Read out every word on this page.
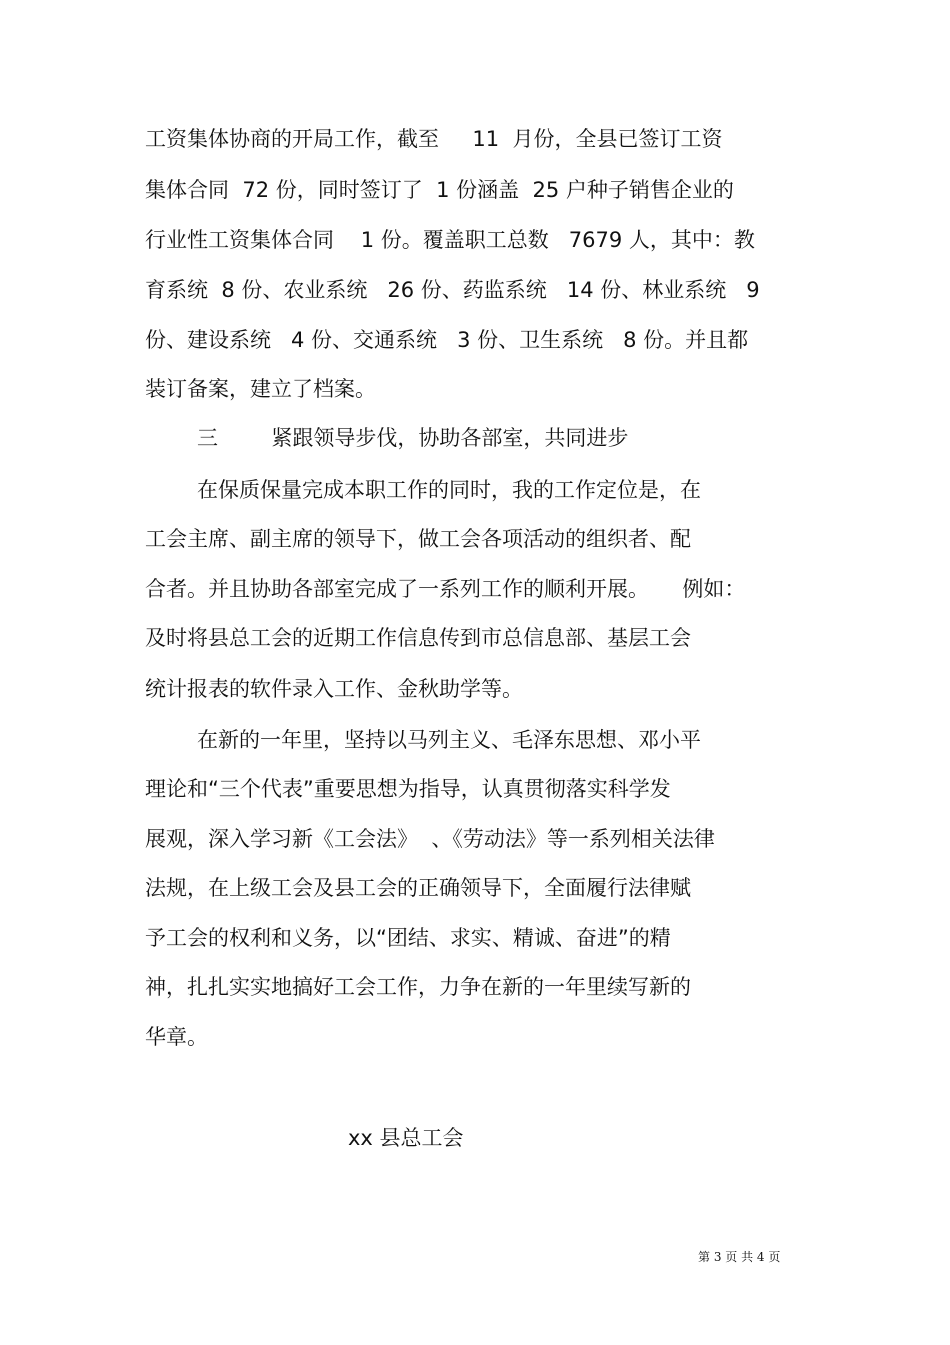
工资集体协商的开局工作，截至     11  月份，全县已签订工资

集体合同  72 份，同时签订了  1 份涵盖  25 户种子销售企业的

行业性工资集体合同    1 份。覆盖职工总数   7679 人，其中：教

育系统  8 份、农业系统   26 份、药监系统   14 份、林业系统   9

份、建设系统   4 份、交通系统   3 份、卫生系统   8 份。并且都

装订备案，建立了档案。

三        紧跟领导步伐，协助各部室，共同进步

在保质保量完成本职工作的同时，我的工作定位是，在

工会主席、副主席的领导下，做工会各项活动的组织者、配

合者。并且协助各部室完成了一系列工作的顺利开展。     例如：

及时将县总工会的近期工作信息传到市总信息部、基层工会

统计报表的软件录入工作、金秋助学等。

在新的一年里，坚持以马列主义、毛泽东思想、邓小平

理论和“三个代表”重要思想为指导，认真贯彻落实科学发

展观，深入学习新《工会法》  、《劳动法》等一系列相关法律

法规，在上级工会及县工会的正确领导下，全面履行法律赋

予工会的权利和义务，以“团结、求实、精诚、奋进”的精

神，扎扎实实地搞好工会工作，力争在新的一年里续写新的

华章。

xx 县总工会

第 3 页 共 4 页
